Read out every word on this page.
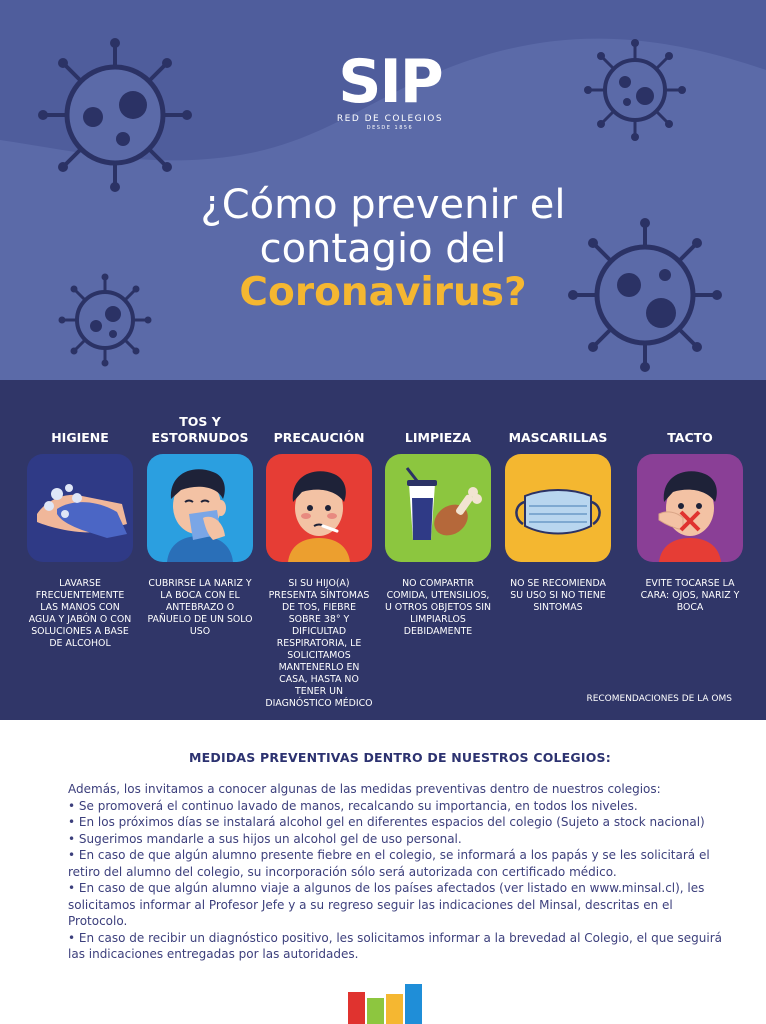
SIP
RED DE COLEGIOS
DESDE 1856
¿Cómo prevenir el
contagio del
Coronavirus?
HIGIENE
LAVARSE FRECUENTEMENTE LAS MANOS CON AGUA Y JABÓN O CON SOLUCIONES A BASE DE ALCOHOL
TOS Y ESTORNUDOS
CUBRIRSE LA NARIZ Y LA BOCA CON EL ANTEBRAZO O PAÑUELO DE UN SOLO USO
PRECAUCIÓN
SI SU HIJO(A) PRESENTA SÍNTOMAS DE TOS, FIEBRE SOBRE 38° Y DIFICULTAD RESPIRATORIA, LE SOLICITAMOS MANTENERLO EN CASA, HASTA NO TENER UN DIAGNÓSTICO MÉDICO
LIMPIEZA
NO COMPARTIR COMIDA, UTENSILIOS, U OTROS OBJETOS SIN LIMPIARLOS DEBIDAMENTE
MASCARILLAS
NO SE RECOMIENDA SU USO SI NO TIENE SINTOMAS
TACTO
EVITE TOCARSE LA CARA: OJOS, NARIZ Y BOCA
RECOMENDACIONES DE LA OMS
MEDIDAS PREVENTIVAS DENTRO DE NUESTROS COLEGIOS:
Además, los invitamos a conocer algunas de las medidas preventivas dentro de nuestros colegios:
• Se promoverá el continuo lavado de manos, recalcando su importancia, en todos los niveles.
• En los próximos días se instalará alcohol gel en diferentes espacios del colegio (Sujeto a stock nacional)
• Sugerimos mandarle a sus hijos un alcohol gel de uso personal.
• En caso de que algún alumno presente fiebre en el colegio, se informará a los papás y se les solicitará el retiro del alumno del colegio, su incorporación sólo será autorizada con certificado médico.
• En caso de que algún alumno viaje a algunos de los países afectados (ver listado en www.minsal.cl), les solicitamos informar al Profesor Jefe y a su regreso seguir las indicaciones del Minsal, descritas en el Protocolo.
• En caso de recibir un diagnóstico positivo, les solicitamos informar a la brevedad al Colegio, el que seguirá las indicaciones entregadas por las autoridades.
